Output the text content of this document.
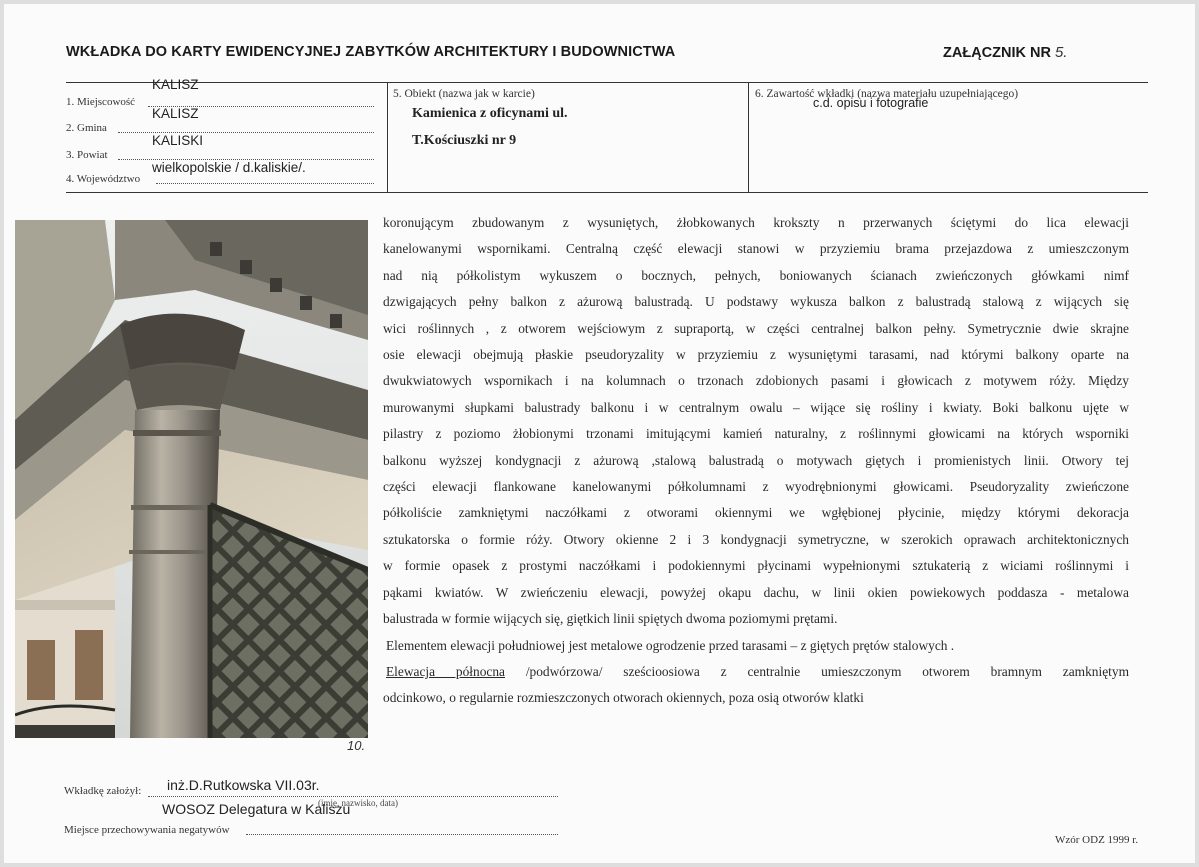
WKŁADKA DO KARTY EWIDENCYJNEJ ZABYTKÓW ARCHITEKTURY I BUDOWNICTWA	ZAŁĄCZNIK NR 5.
1. Miejscowość
KALISZ
2. Gmina
KALISZ
3. Powiat
KALISKI
4. Województwo
wielkopolskie / d.kaliskie/.
5. Obiekt (nazwa jak w karcie)
Kamienica z oficynami ul.
T.Kościuszki nr 9
6. Zawartość wkładki (nazwa materiału uzupełniającego)
c.d. opisu i fotografie
10.
koronującym zbudowanym z wysuniętych, żłobkowanych krokszty n przerwanych ściętymi do lica elewacji
kanelowanymi wspornikami. Centralną część elewacji stanowi w przyziemiu brama przejazdowa z umieszczonym
nad nią półkolistym wykuszem o bocznych, pełnych, boniowanych ścianach zwieńczonych główkami nimf
dzwigających pełny balkon z ażurową balustradą. U podstawy wykusza balkon z balustradą stalową z wijących się
wici roślinnych , z otworem wejściowym z supraportą, w części centralnej balkon pełny. Symetrycznie dwie skrajne
osie elewacji obejmują płaskie pseudoryzality w przyziemiu z wysuniętymi tarasami, nad którymi balkony oparte na
dwukwiatowych wspornikach i na kolumnach o trzonach zdobionych pasami i głowicach z motywem róży. Między
murowanymi słupkami balustrady balkonu i w centralnym owalu – wijące się rośliny i kwiaty. Boki balkonu ujęte w
pilastry z poziomo żłobionymi trzonami imitującymi kamień naturalny, z roślinnymi głowicami na których wsporniki
balkonu wyższej kondygnacji z ażurową ,stalową balustradą o motywach giętych i promienistych linii. Otwory tej
części elewacji flankowane kanelowanymi półkolumnami z wyodrębnionymi głowicami. Pseudoryzality zwieńczone
półkoliście zamkniętymi naczółkami z otworami okiennymi we wgłębionej płycinie, między którymi dekoracja
sztukatorska o formie róży. Otwory okienne 2 i 3 kondygnacji symetryczne, w szerokich oprawach architektonicznych
w formie opasek z prostymi naczółkami i podokiennymi płycinami wypełnionymi sztukaterią z wiciami roślinnymi i
pąkami kwiatów. W zwieńczeniu elewacji, powyżej okapu dachu, w linii okien powiekowych poddasza - metalowa
balustrada w formie wijących się, giętkich linii spiętych dwoma poziomymi prętami.
Elementem elewacji południowej jest metalowe ogrodzenie przed tarasami – z giętych prętów stalowych .
Elewacja północna /podwórzowa/ sześcioosiowa z centralnie umieszczonym otworem bramnym zamkniętym
odcinkowo, o regularnie rozmieszczonych otworach okiennych, poza osią otworów klatki
Wkładkę założył: inż.D.Rutkowska VII.03r.
(imię, nazwisko, data)
WOSOZ Delegatura w Kaliszu
Miejsce przechowywania negatywów
Wzór ODZ 1999 r.
